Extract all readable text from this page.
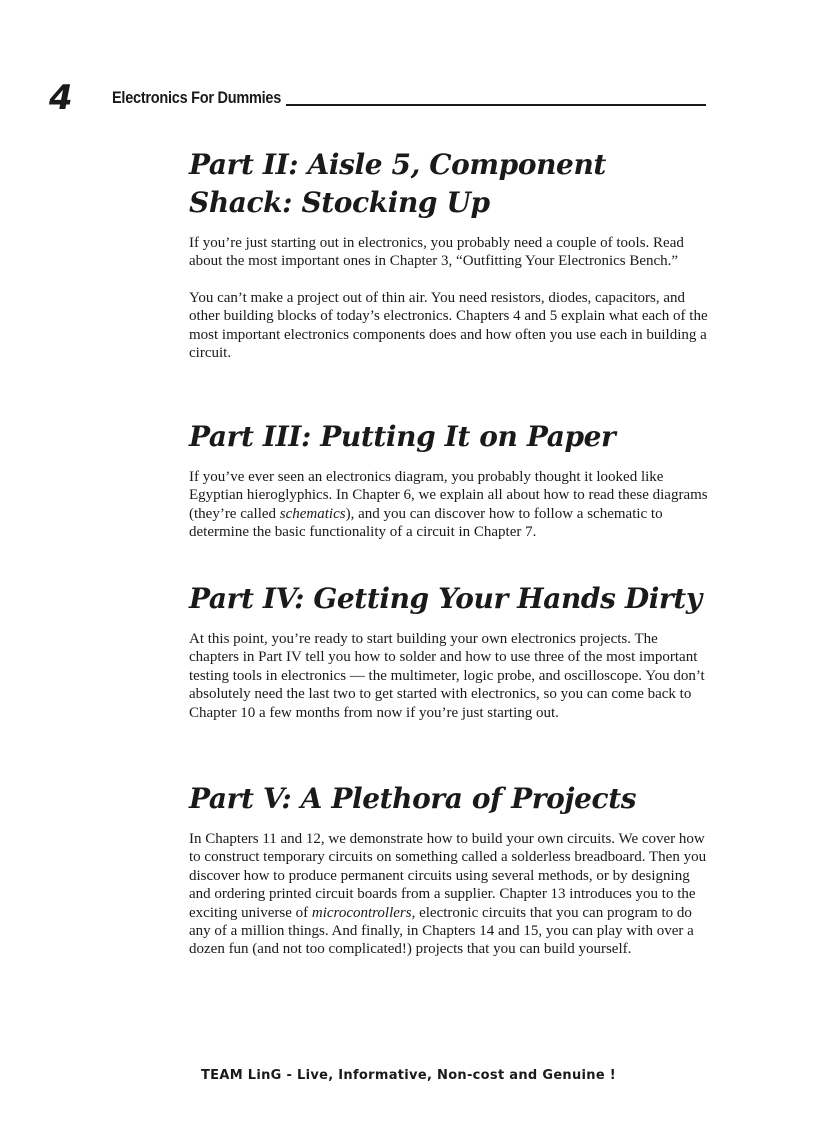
4 Electronics For Dummies
Part II: Aisle 5, Component Shack: Stocking Up

If you’re just starting out in electronics, you probably need a couple of tools. Read about the most important ones in Chapter 3, “Outfitting Your Electronics Bench.”

You can’t make a project out of thin air. You need resistors, diodes, capacitors, and other building blocks of today’s electronics. Chapters 4 and 5 explain what each of the most important electronics components does and how often you use each in building a circuit.

Part III: Putting It on Paper

If you’ve ever seen an electronics diagram, you probably thought it looked like Egyptian hieroglyphics. In Chapter 6, we explain all about how to read these diagrams (they’re called schematics), and you can discover how to follow a schematic to determine the basic functionality of a circuit in Chapter 7.

Part IV: Getting Your Hands Dirty

At this point, you’re ready to start building your own electronics projects. The chapters in Part IV tell you how to solder and how to use three of the most important testing tools in electronics — the multimeter, logic probe, and oscilloscope. You don’t absolutely need the last two to get started with electronics, so you can come back to Chapter 10 a few months from now if you’re just starting out.

Part V: A Plethora of Projects

In Chapters 11 and 12, we demonstrate how to build your own circuits. We cover how to construct temporary circuits on something called a solderless breadboard. Then you discover how to produce permanent circuits using several methods, or by designing and ordering printed circuit boards from a supplier. Chapter 13 introduces you to the exciting universe of microcontrollers, electronic circuits that you can program to do any of a million things. And finally, in Chapters 14 and 15, you can play with over a dozen fun (and not too complicated!) projects that you can build yourself.

TEAM LinG - Live, Informative, Non-cost and Genuine !
